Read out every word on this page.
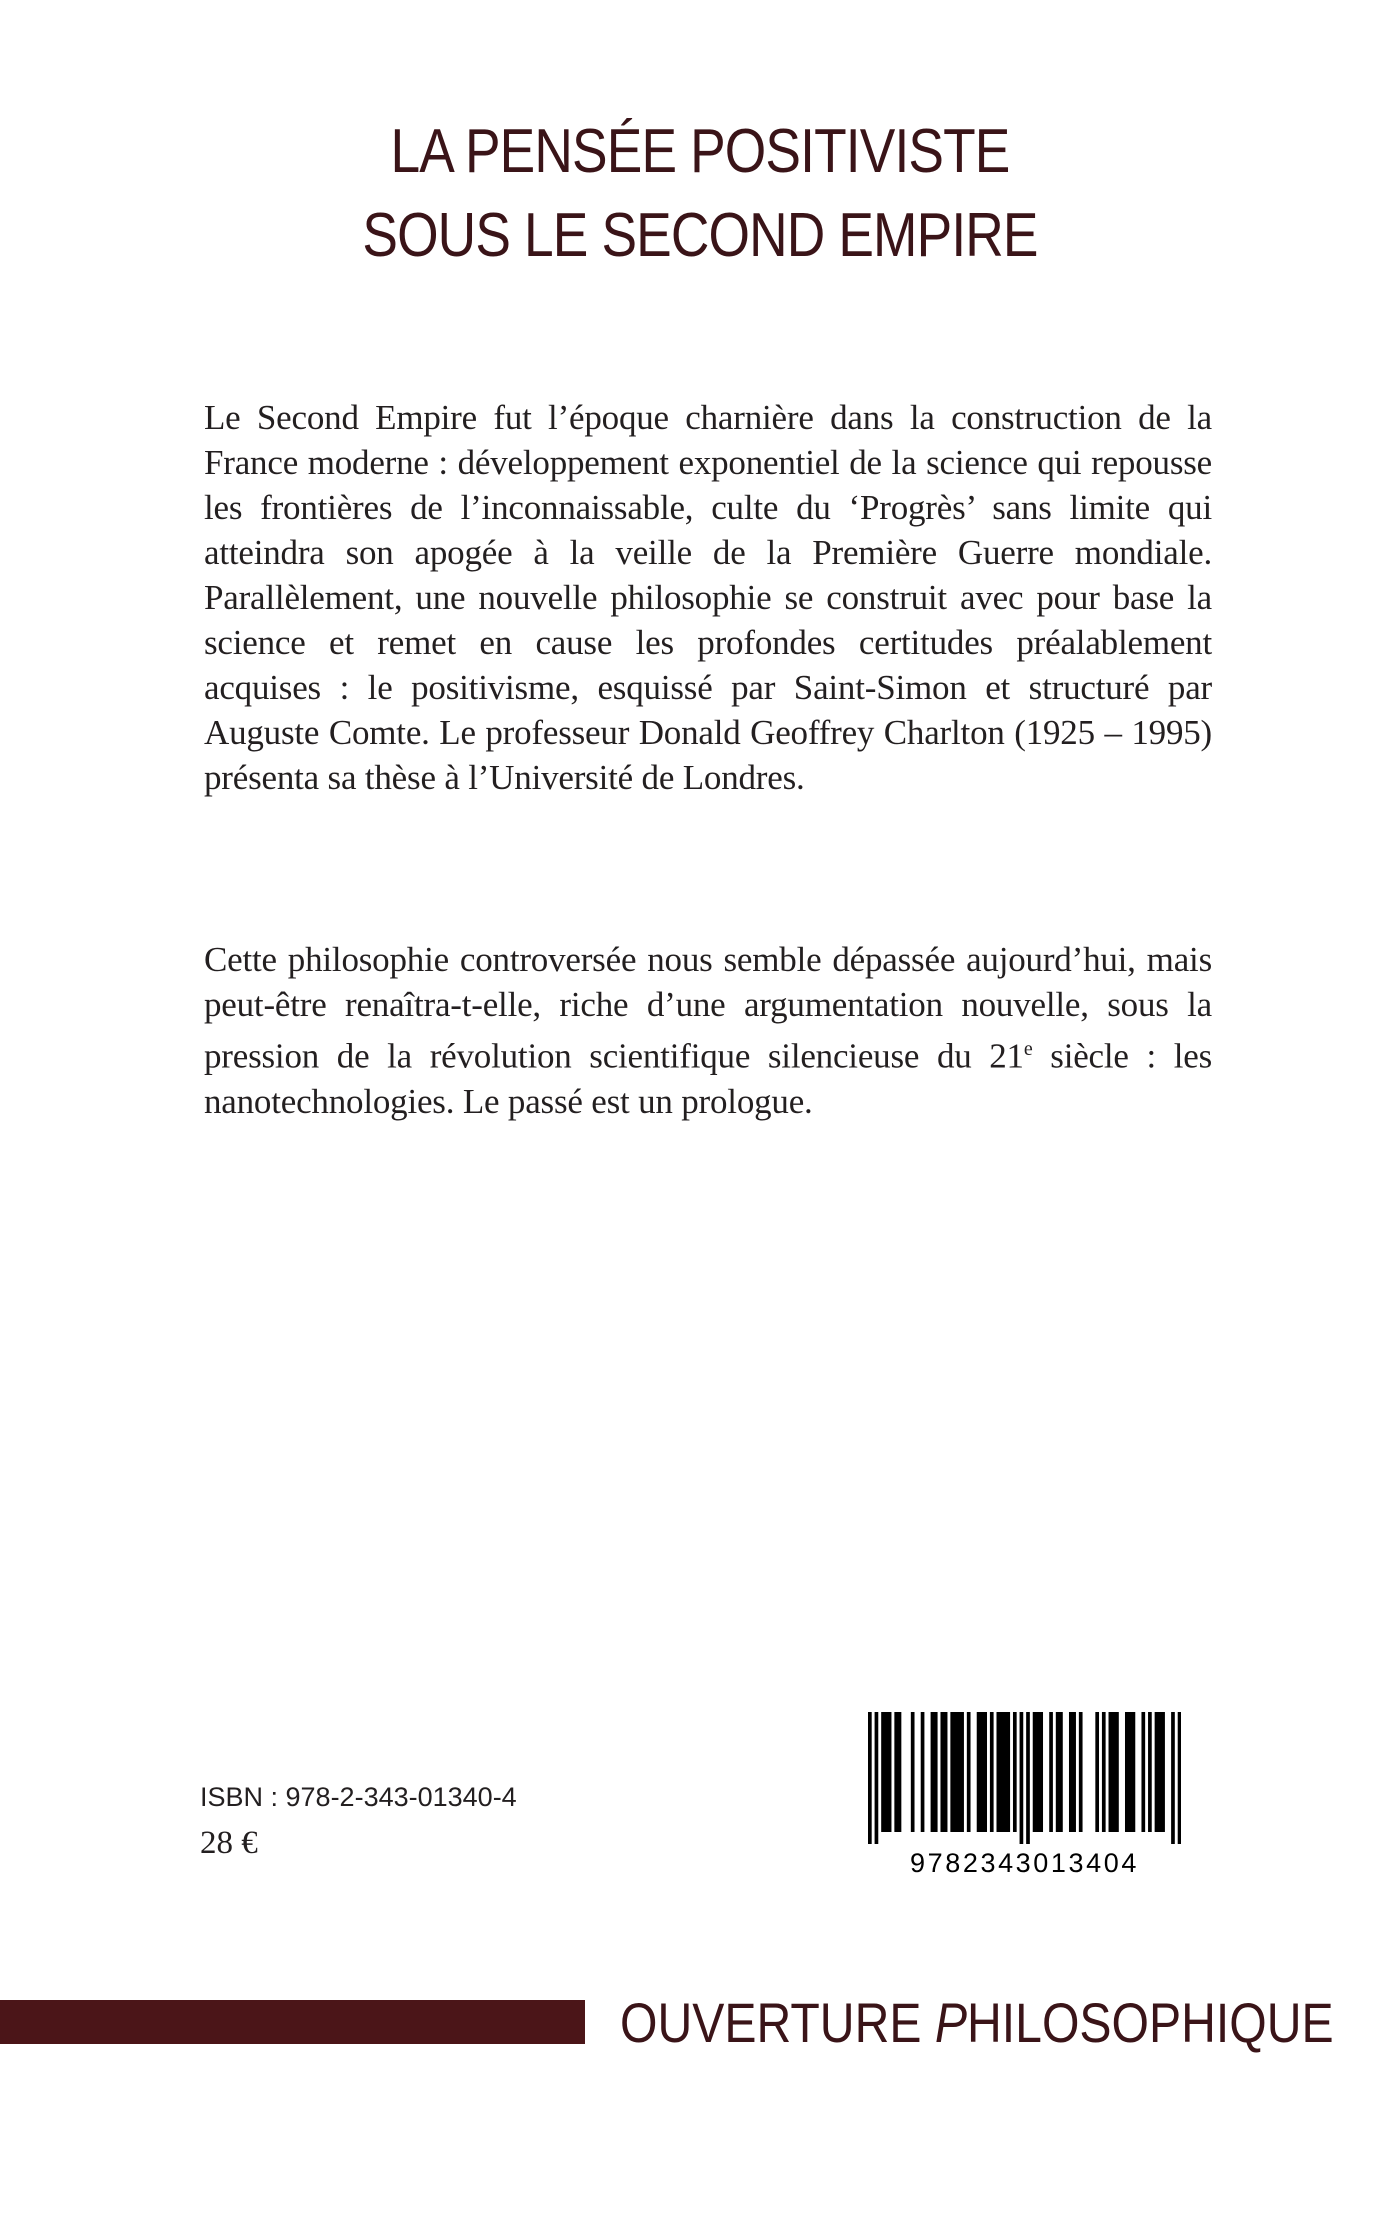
LA PENSÉE POSITIVISTE
SOUS LE SECOND EMPIRE
Le Second Empire fut l’époque charnière dans la construction de la France moderne : développement exponentiel de la science qui repousse les frontières de l’inconnaissable, culte du ‘Progrès’ sans limite qui atteindra son apogée à la veille de la Première Guerre mondiale. Parallèlement, une nouvelle philosophie se construit avec pour base la science et remet en cause les profondes certitudes préalablement acquises : le positivisme, esquissé par Saint-Simon et structuré par Auguste Comte. Le professeur Donald Geoffrey Charlton (1925 – 1995) présenta sa thèse à l’Université de Londres.
Cette philosophie controversée nous semble dépassée aujourd’hui, mais peut-être renaîtra-t-elle, riche d’une argumentation nouvelle, sous la pression de la révolution scientifique silencieuse du 21e siècle : les nanotechnologies. Le passé est un prologue.
ISBN : 978-2-343-01340-4
28 €
9782343013404
OUVERTURE PHILOSOPHIQUE
